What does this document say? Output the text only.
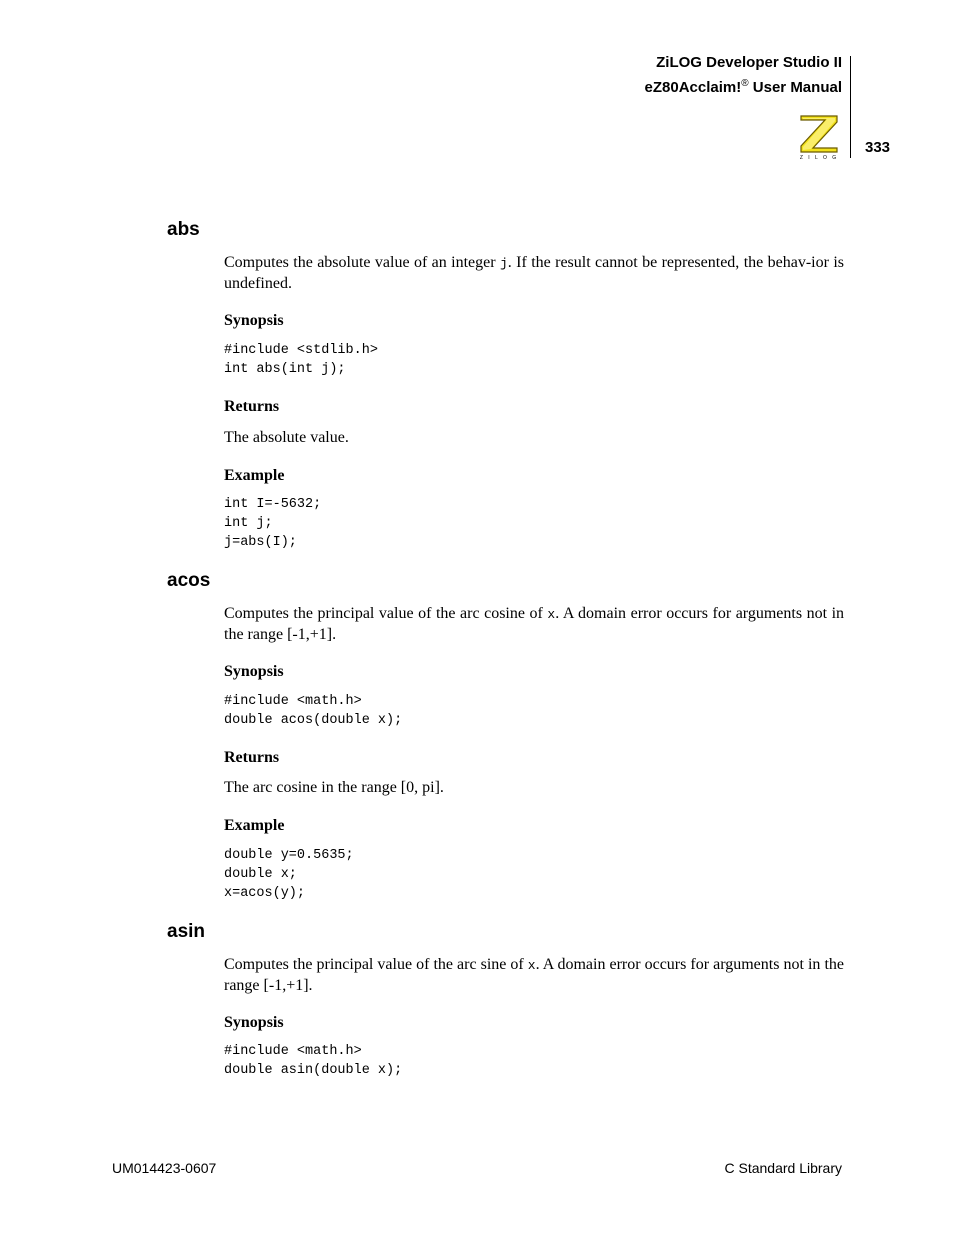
ZiLOG Developer Studio II
eZ80Acclaim!® User Manual
Z I L O G
333
abs
Computes the absolute value of an integer j. If the result cannot be represented, the behav-ior is undefined.
Synopsis
#include <stdlib.h>
int abs(int j);
Returns
The absolute value.
Example
int I=-5632;
int j;
j=abs(I);
acos
Computes the principal value of the arc cosine of x. A domain error occurs for arguments not in the range [-1,+1].
Synopsis
#include <math.h>
double acos(double x);
Returns
The arc cosine in the range [0, pi].
Example
double y=0.5635;
double x;
x=acos(y);
asin
Computes the principal value of the arc sine of x. A domain error occurs for arguments not in the range [-1,+1].
Synopsis
#include <math.h>
double asin(double x);
UM014423-0607	C Standard Library
